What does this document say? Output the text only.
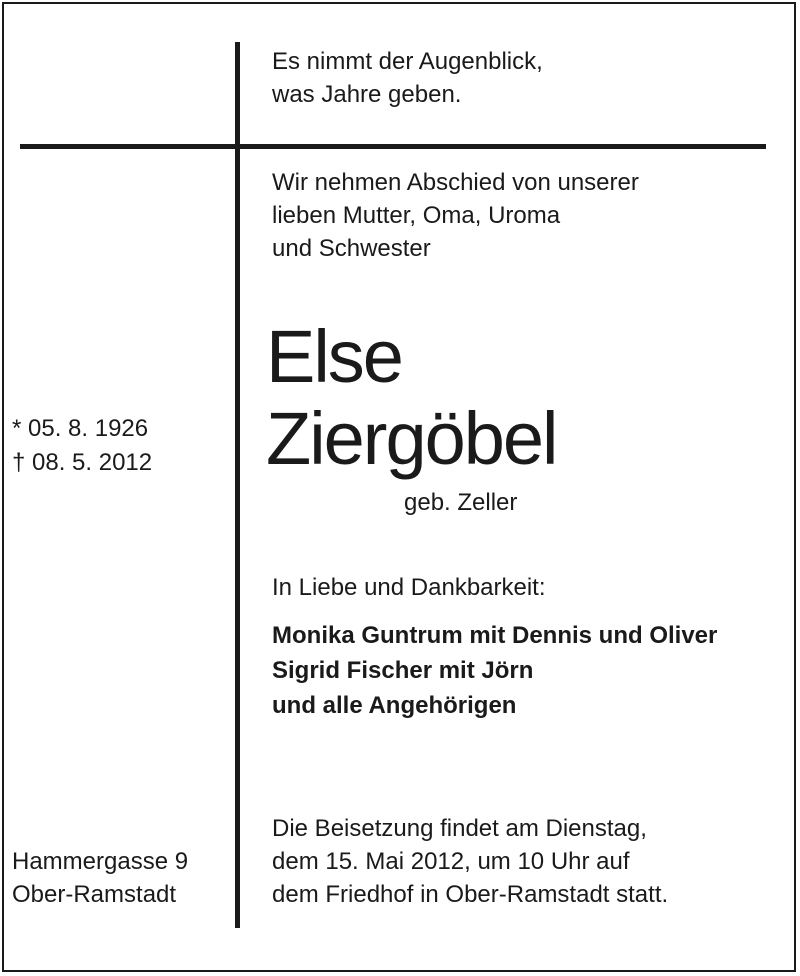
Es nimmt der Augenblick,
was Jahre geben.
Wir nehmen Abschied von unserer
lieben Mutter, Oma, Uroma
und Schwester
Else
Ziergöbel
geb. Zeller
* 05. 8. 1926
† 08. 5. 2012
In Liebe und Dankbarkeit:
Monika Guntrum mit Dennis und Oliver
Sigrid Fischer mit Jörn
und alle Angehörigen
Die Beisetzung findet am Dienstag,
dem 15. Mai 2012, um 10 Uhr auf
dem Friedhof in Ober-Ramstadt statt.
Hammergasse 9
Ober-Ramstadt
